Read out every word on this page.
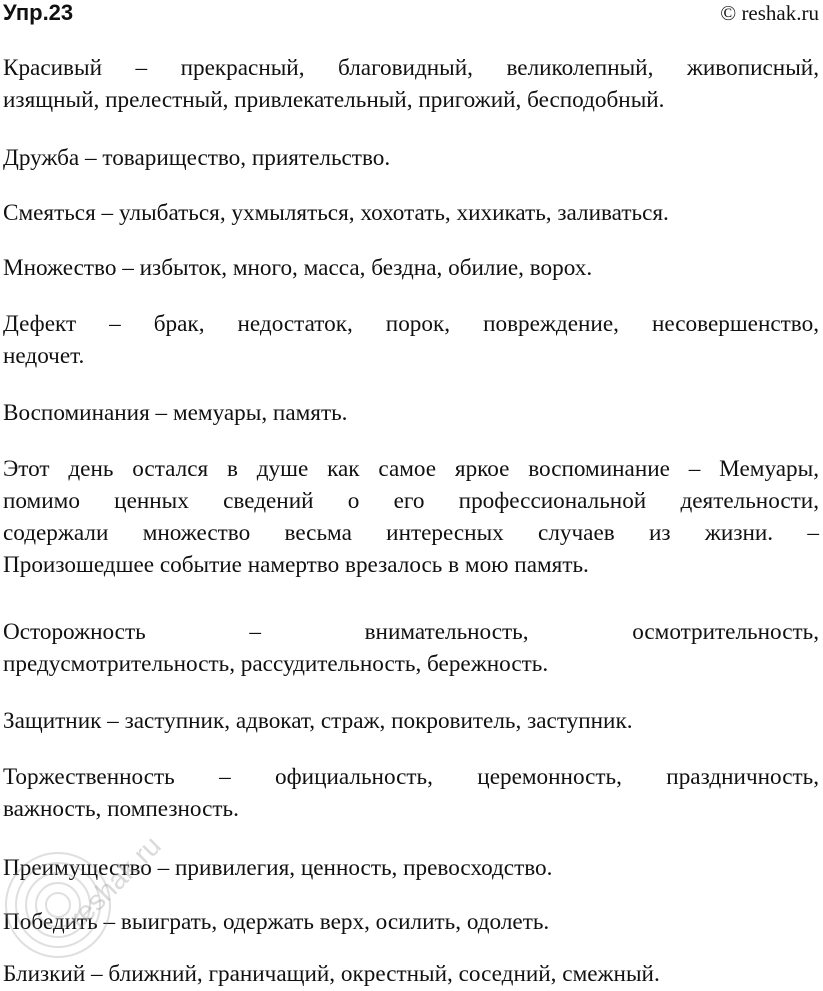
Упр.23	© reshak.ru
Красивый – прекрасный, благовидный, великолепный, живописный,
изящный, прелестный, привлекательный, пригожий, бесподобный.
Дружба – товарищество, приятельство.
Смеяться – улыбаться, ухмыляться, хохотать, хихикать, заливаться.
Множество – избыток, много, масса, бездна, обилие, ворох.
Дефект – брак, недостаток, порок, повреждение, несовершенство,
недочет.
Воспоминания – мемуары, память.
Этот день остался в душе как самое яркое воспоминание – Мемуары,
помимо ценных сведений о его профессиональной деятельности,
содержали множество весьма интересных случаев из жизни. –
Произошедшее событие намертво врезалось в мою память.
Осторожность – внимательность, осмотрительность,
предусмотрительность, рассудительность, бережность.
Защитник – заступник, адвокат, страж, покровитель, заступник.
Торжественность – официальность, церемонность, праздничность,
важность, помпезность.
Преимущество – привилегия, ценность, превосходство.
Победить – выиграть, одержать верх, осилить, одолеть.
Близкий – ближний, граничащий, окрестный, соседний, смежный.
reshak.ru
